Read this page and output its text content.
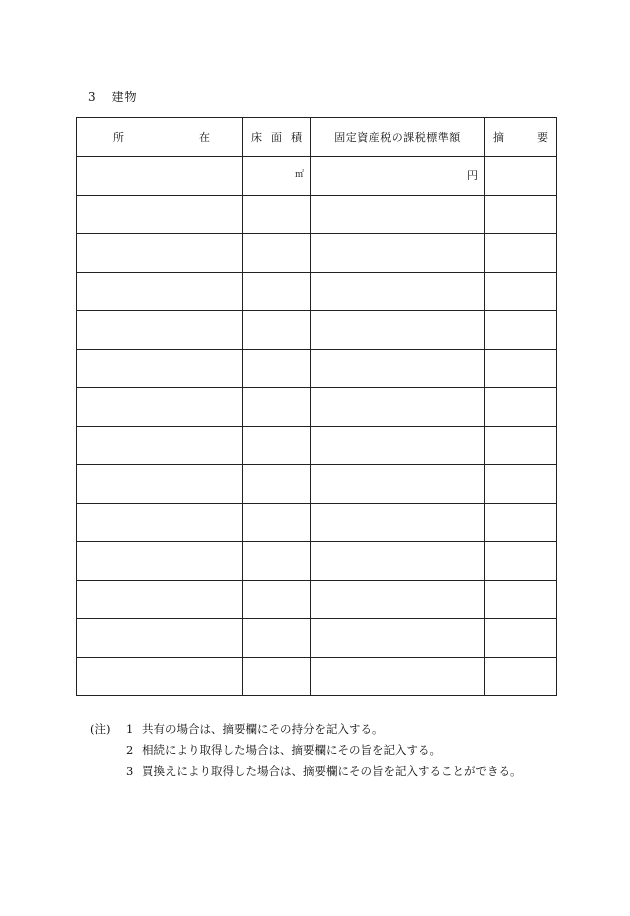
3 建物
所 在	床 面 積	固定資産税の課税標準額	摘 要

	㎡	円	

(注)	1 共有の場合は、摘要欄にその持分を記入する。
2 相続により取得した場合は、摘要欄にその旨を記入する。
3 買換えにより取得した場合は、摘要欄にその旨を記入することができる。
